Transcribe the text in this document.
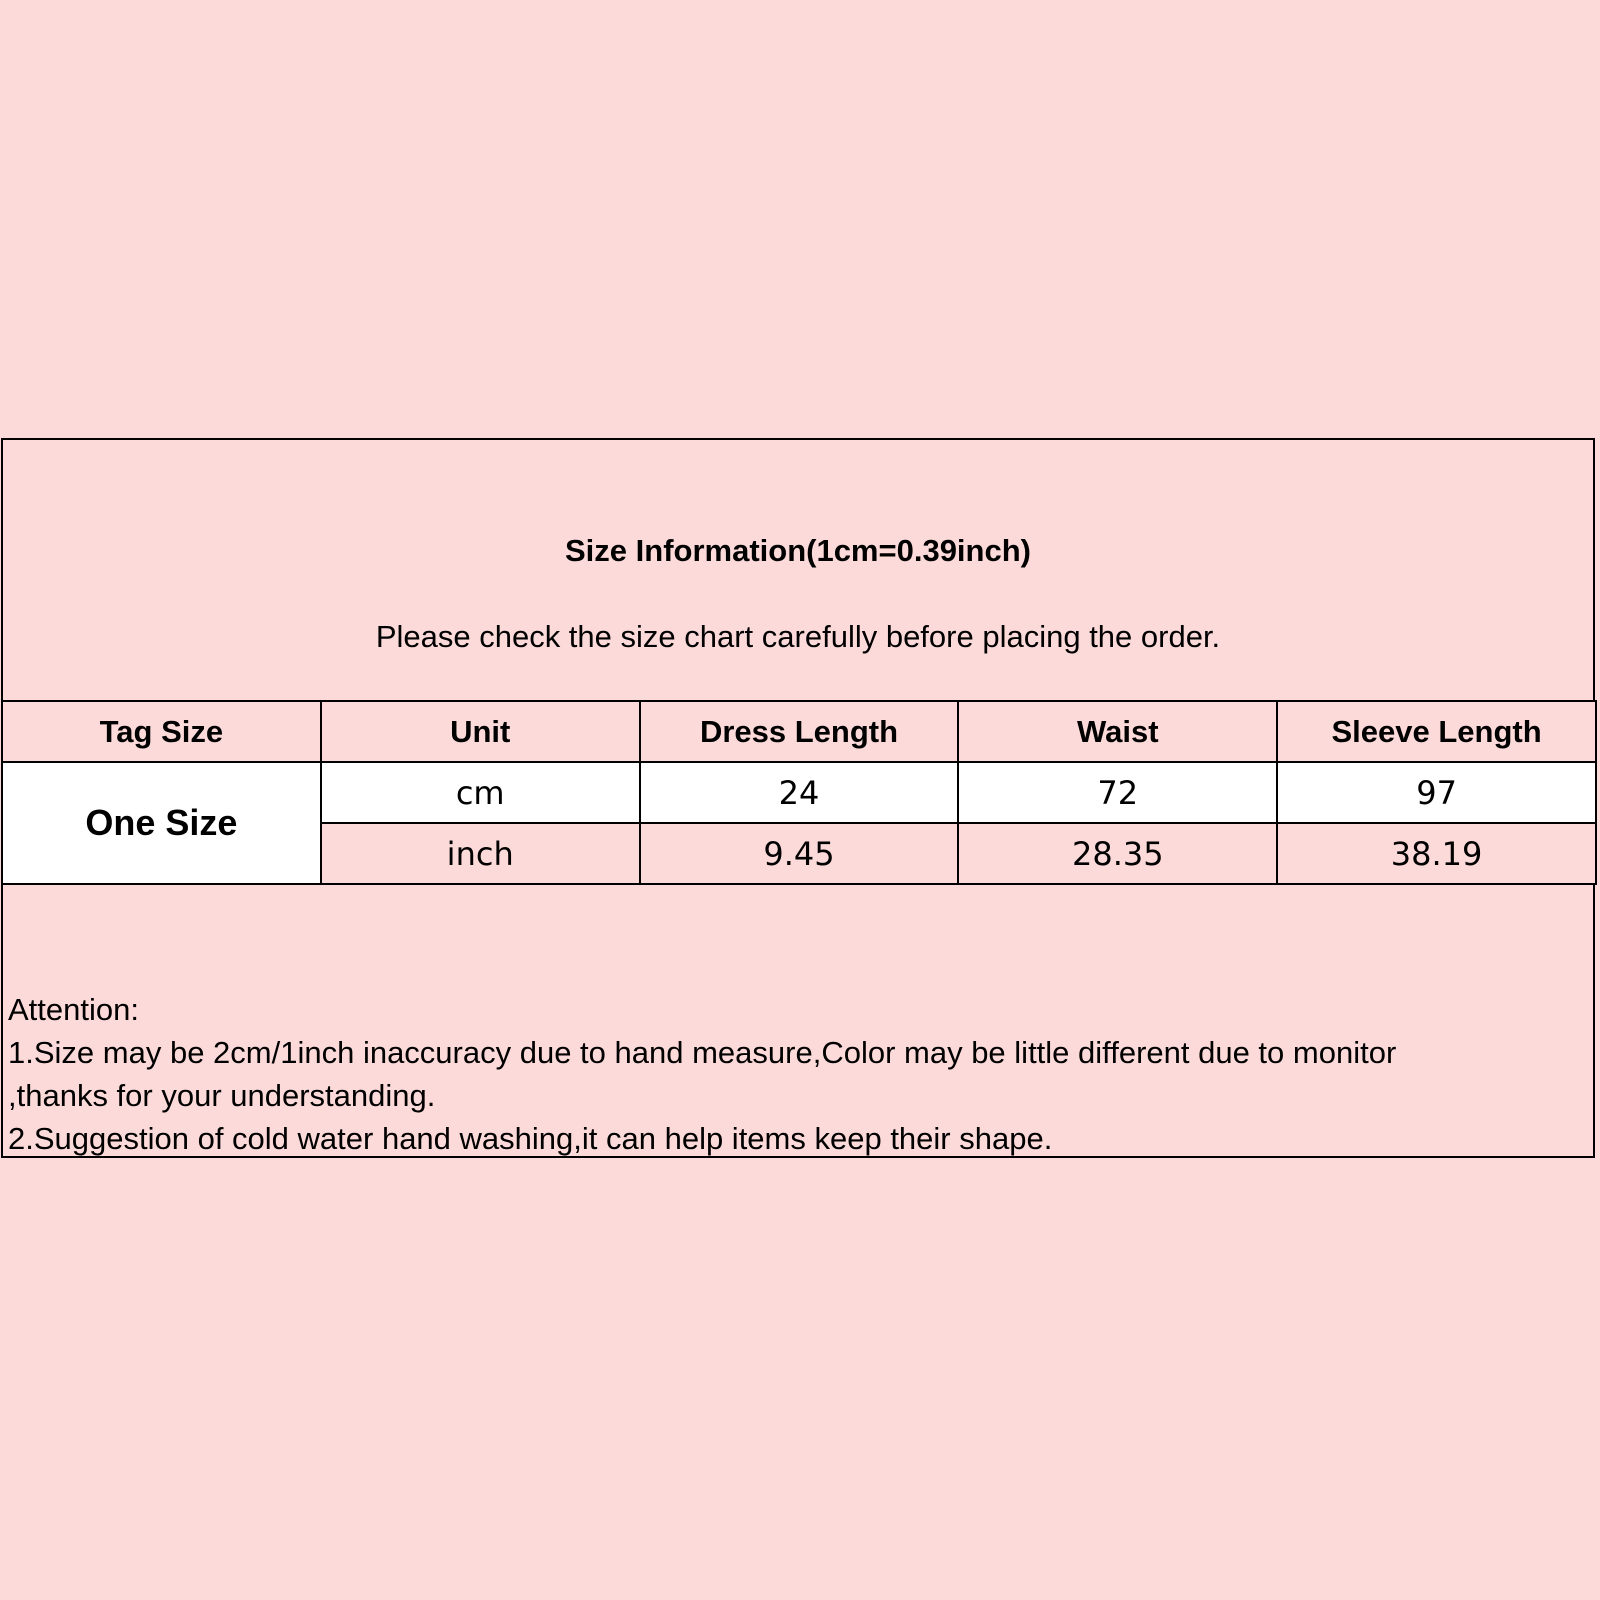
Size Information(1cm=0.39inch)
Please check the size chart carefully before placing the order.
Tag Size	Unit	Dress Length	Waist	Sleeve Length
One Size	cm	24	72	97
	inch	9.45	28.35	38.19
Attention:
1.Size may be 2cm/1inch inaccuracy due to hand measure,Color may be little different due to monitor
,thanks for your understanding.
2.Suggestion of cold water hand washing,it can help items keep their shape.
